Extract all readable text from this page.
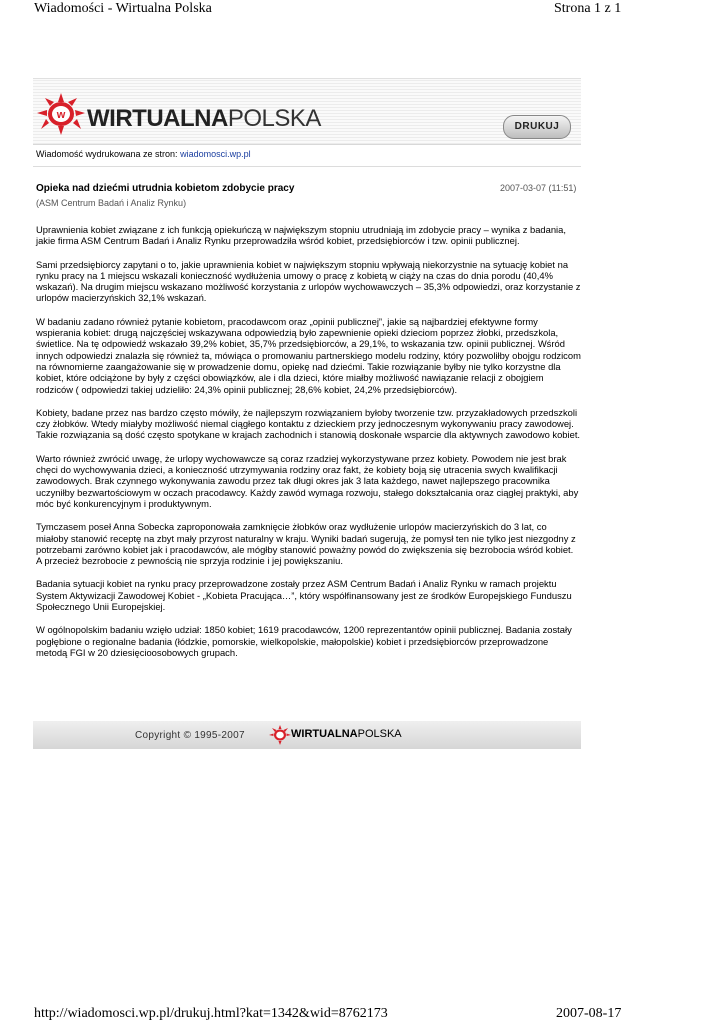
Wiadomości - Wirtualna Polska	Strona 1 z 1
w WIRTUALNAPOLSKA	DRUKUJ
Wiadomość wydrukowana ze stron: wiadomosci.wp.pl
Opieka nad dziećmi utrudnia kobietom zdobycie pracy	2007-03-07 (11:51)
(ASM Centrum Badań i Analiz Rynku)

Uprawnienia kobiet związane z ich funkcją opiekuńczą w największym stopniu utrudniają im zdobycie pracy – wynika z badania, jakie firma ASM Centrum Badań i Analiz Rynku przeprowadziła wśród kobiet, przedsiębiorców i tzw. opinii publicznej.

Sami przedsiębiorcy zapytani o to, jakie uprawnienia kobiet w największym stopniu wpływają niekorzystnie na sytuację kobiet na rynku pracy na 1 miejscu wskazali konieczność wydłużenia umowy o pracę z kobietą w ciąży na czas do dnia porodu (40,4% wskazań). Na drugim miejscu wskazano możliwość korzystania z urlopów wychowawczych – 35,3% odpowiedzi, oraz korzystanie z urlopów macierzyńskich 32,1% wskazań.

W badaniu zadano również pytanie kobietom, pracodawcom oraz „opinii publicznej”, jakie są najbardziej efektywne formy wspierania kobiet: drugą najczęściej wskazywana odpowiedzią było zapewnienie opieki dzieciom poprzez żłobki, przedszkola, świetlice. Na tę odpowiedź wskazało 39,2% kobiet, 35,7% przedsiębiorców, a 29,1%, to wskazania tzw. opinii publicznej. Wśród innych odpowiedzi znalazła się również ta, mówiąca o promowaniu partnerskiego modelu rodziny, który pozwoliłby obojgu rodzicom na równomierne zaangażowanie się w prowadzenie domu, opiekę nad dziećmi. Takie rozwiązanie byłby nie tylko korzystne dla kobiet, które odciążone by były z części obowiązków, ale i dla dzieci, które miałby możliwość nawiązanie relacji z obojgiem rodziców ( odpowiedzi takiej udzieliło: 24,3% opinii publicznej; 28,6% kobiet, 24,2% przedsiębiorców).

Kobiety, badane przez nas bardzo często mówiły, że najlepszym rozwiązaniem byłoby tworzenie tzw. przyzakładowych przedszkoli czy żłobków. Wtedy miałyby możliwość niemal ciągłego kontaktu z dzieckiem przy jednoczesnym wykonywaniu pracy zawodowej. Takie rozwiązania są dość często spotykane w krajach zachodnich i stanowią doskonałe wsparcie dla aktywnych zawodowo kobiet.

Warto również zwrócić uwagę, że urlopy wychowawcze są coraz rzadziej wykorzystywane przez kobiety. Powodem nie jest brak chęci do wychowywania dzieci, a konieczność utrzymywania rodziny oraz fakt, że kobiety boją się utracenia swych kwalifikacji zawodowych. Brak czynnego wykonywania zawodu przez tak długi okres jak 3 lata każdego, nawet najlepszego pracownika uczyniłby bezwartościowym w oczach pracodawcy. Każdy zawód wymaga rozwoju, stałego dokształcania oraz ciągłej praktyki, aby móc być konkurencyjnym i produktywnym.

Tymczasem poseł Anna Sobecka zaproponowała zamknięcie żłobków oraz wydłużenie urlopów macierzyńskich do 3 lat, co miałoby stanowić receptę na zbyt mały przyrost naturalny w kraju. Wyniki badań sugerują, że pomysł ten nie tylko jest niezgodny z potrzebami zarówno kobiet jak i pracodawców, ale mógłby stanowić poważny powód do zwiększenia się bezrobocia wśród kobiet. A przecież bezrobocie z pewnością nie sprzyja rodzinie i jej powiększaniu.

Badania sytuacji kobiet na rynku pracy przeprowadzone zostały przez ASM Centrum Badań i Analiz Rynku w ramach projektu System Aktywizacji Zawodowej Kobiet - „Kobieta Pracująca…”, który współfinansowany jest ze środków Europejskiego Funduszu Społecznego Unii Europejskiej.

W ogólnopolskim badaniu wzięło udział: 1850 kobiet; 1619 pracodawców, 1200 reprezentantów opinii publicznej. Badania zostały pogłębione o regionalne badania (łódzkie, pomorskie, wielkopolskie, małopolskie) kobiet i przedsiębiorców przeprowadzone metodą FGI w 20 dziesięcioosobowych grupach.

Copyright © 1995-2007	WIRTUALNAPOLSKA
http://wiadomosci.wp.pl/drukuj.html?kat=1342&wid=8762173	2007-08-17
